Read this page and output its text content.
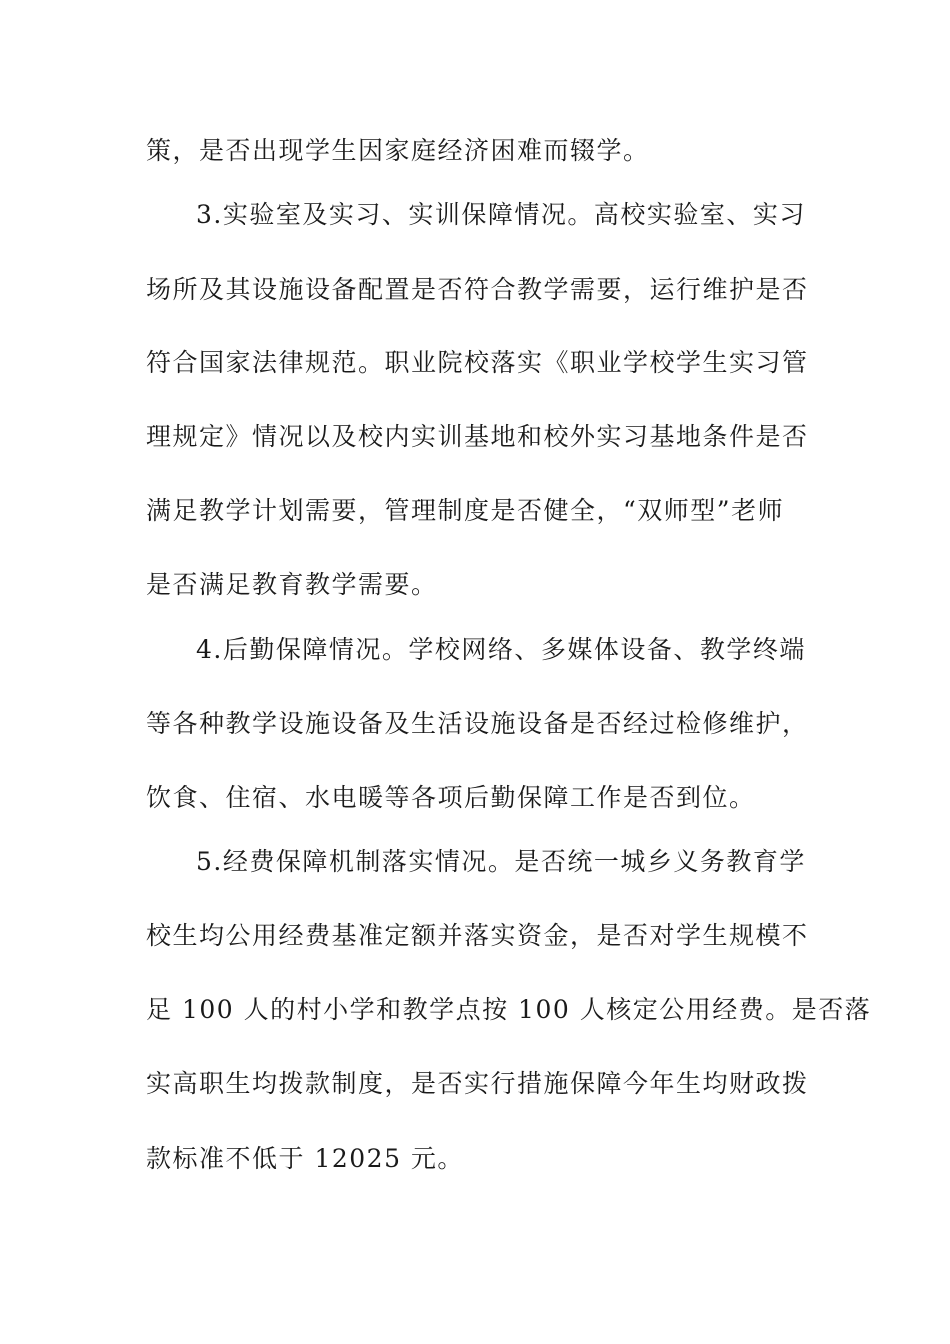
策，是否出现学生因家庭经济困难而辍学。
3.实验室及实习、实训保障情况。高校实验室、实习
场所及其设施设备配置是否符合教学需要，运行维护是否
符合国家法律规范。职业院校落实《职业学校学生实习管
理规定》情况以及校内实训基地和校外实习基地条件是否
满足教学计划需要，管理制度是否健全，“双师型”老师
是否满足教育教学需要。
4.后勤保障情况。学校网络、多媒体设备、教学终端
等各种教学设施设备及生活设施设备是否经过检修维护，
饮食、住宿、水电暖等各项后勤保障工作是否到位。
5.经费保障机制落实情况。是否统一城乡义务教育学
校生均公用经费基准定额并落实资金，是否对学生规模不
足 100 人的村小学和教学点按 100 人核定公用经费。是否落
实高职生均拨款制度，是否实行措施保障今年生均财政拨
款标准不低于 12025 元。
